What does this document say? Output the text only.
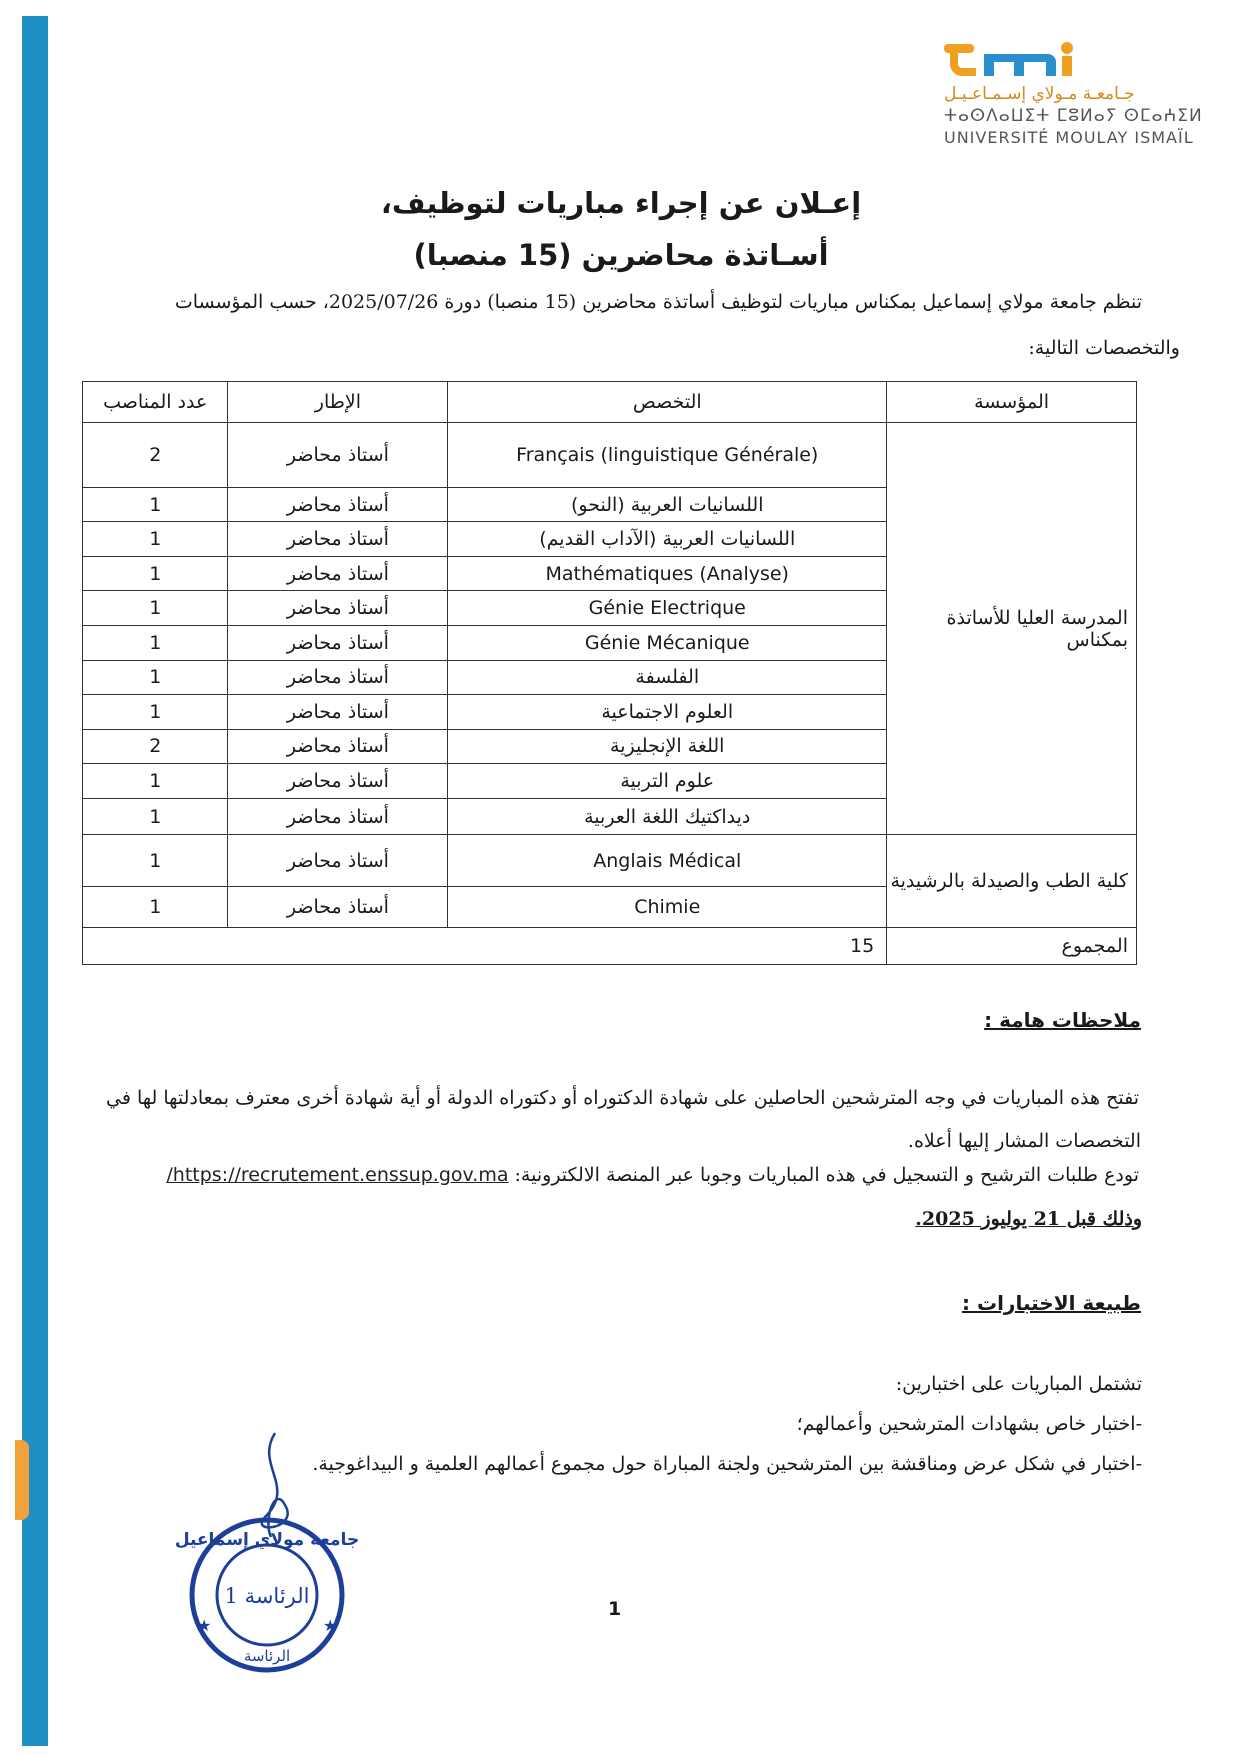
جـامعـة مـولاي إسـمـاعـيـل
ⵜⴰⵙⴷⴰⵡⵉⵜ ⵎⵓⵍⴰⵢ ⵙⵎⴰⵄⵉⵍ
UNIVERSITÉ MOULAY ISMAÏL
إعـلان عن إجراء مباريات لتوظيف،
أسـاتذة محاضرين (15 منصبا)
تنظم جامعة مولاي إسماعيل بمكناس مباريات لتوظيف أساتذة محاضرين (15 منصبا) دورة 2025/07/26، حسب المؤسسات
والتخصصات التالية:
المؤسسة	التخصص	الإطار	عدد المناصب
المدرسة العليا للأساتذة بمكناس	Français (linguistique Générale)	أستاذ محاضر	2
	اللسانيات العربية (النحو)	أستاذ محاضر	1
	اللسانيات العربية (الآداب القديم)	أستاذ محاضر	1
	Mathématiques (Analyse)	أستاذ محاضر	1
	Génie Electrique	أستاذ محاضر	1
	Génie Mécanique	أستاذ محاضر	1
	الفلسفة	أستاذ محاضر	1
	العلوم الاجتماعية	أستاذ محاضر	1
	اللغة الإنجليزية	أستاذ محاضر	2
	علوم التربية	أستاذ محاضر	1
	ديداكتيك اللغة العربية	أستاذ محاضر	1
كلية الطب والصيدلة بالرشيدية	Anglais Médical	أستاذ محاضر	1
	Chimie	أستاذ محاضر	1
المجموع	15		
ملاحظات هامة :
تفتح هذه المباريات في وجه المترشحين الحاصلين على شهادة الدكتوراه أو دكتوراه الدولة أو أية شهادة أخرى معترف بمعادلتها لها في
التخصصات المشار إليها أعلاه.
تودع طلبات الترشيح و التسجيل في هذه المباريات وجوبا عبر المنصة الالكترونية: https://recrutement.enssup.gov.ma/
وذلك قبل 21 يوليوز 2025.
طبيعة الاختبارات :
تشتمل المباريات على اختبارين:
-اختبار خاص بشهادات المترشحين وأعمالهم؛
-اختبار في شكل عرض ومناقشة بين المترشحين ولجنة المباراة حول مجموع أعمالهم العلمية و البيداغوجية.
جامعة مولاي إسماعيل
الرئاسة 1
الرئاسة
★	★
1
